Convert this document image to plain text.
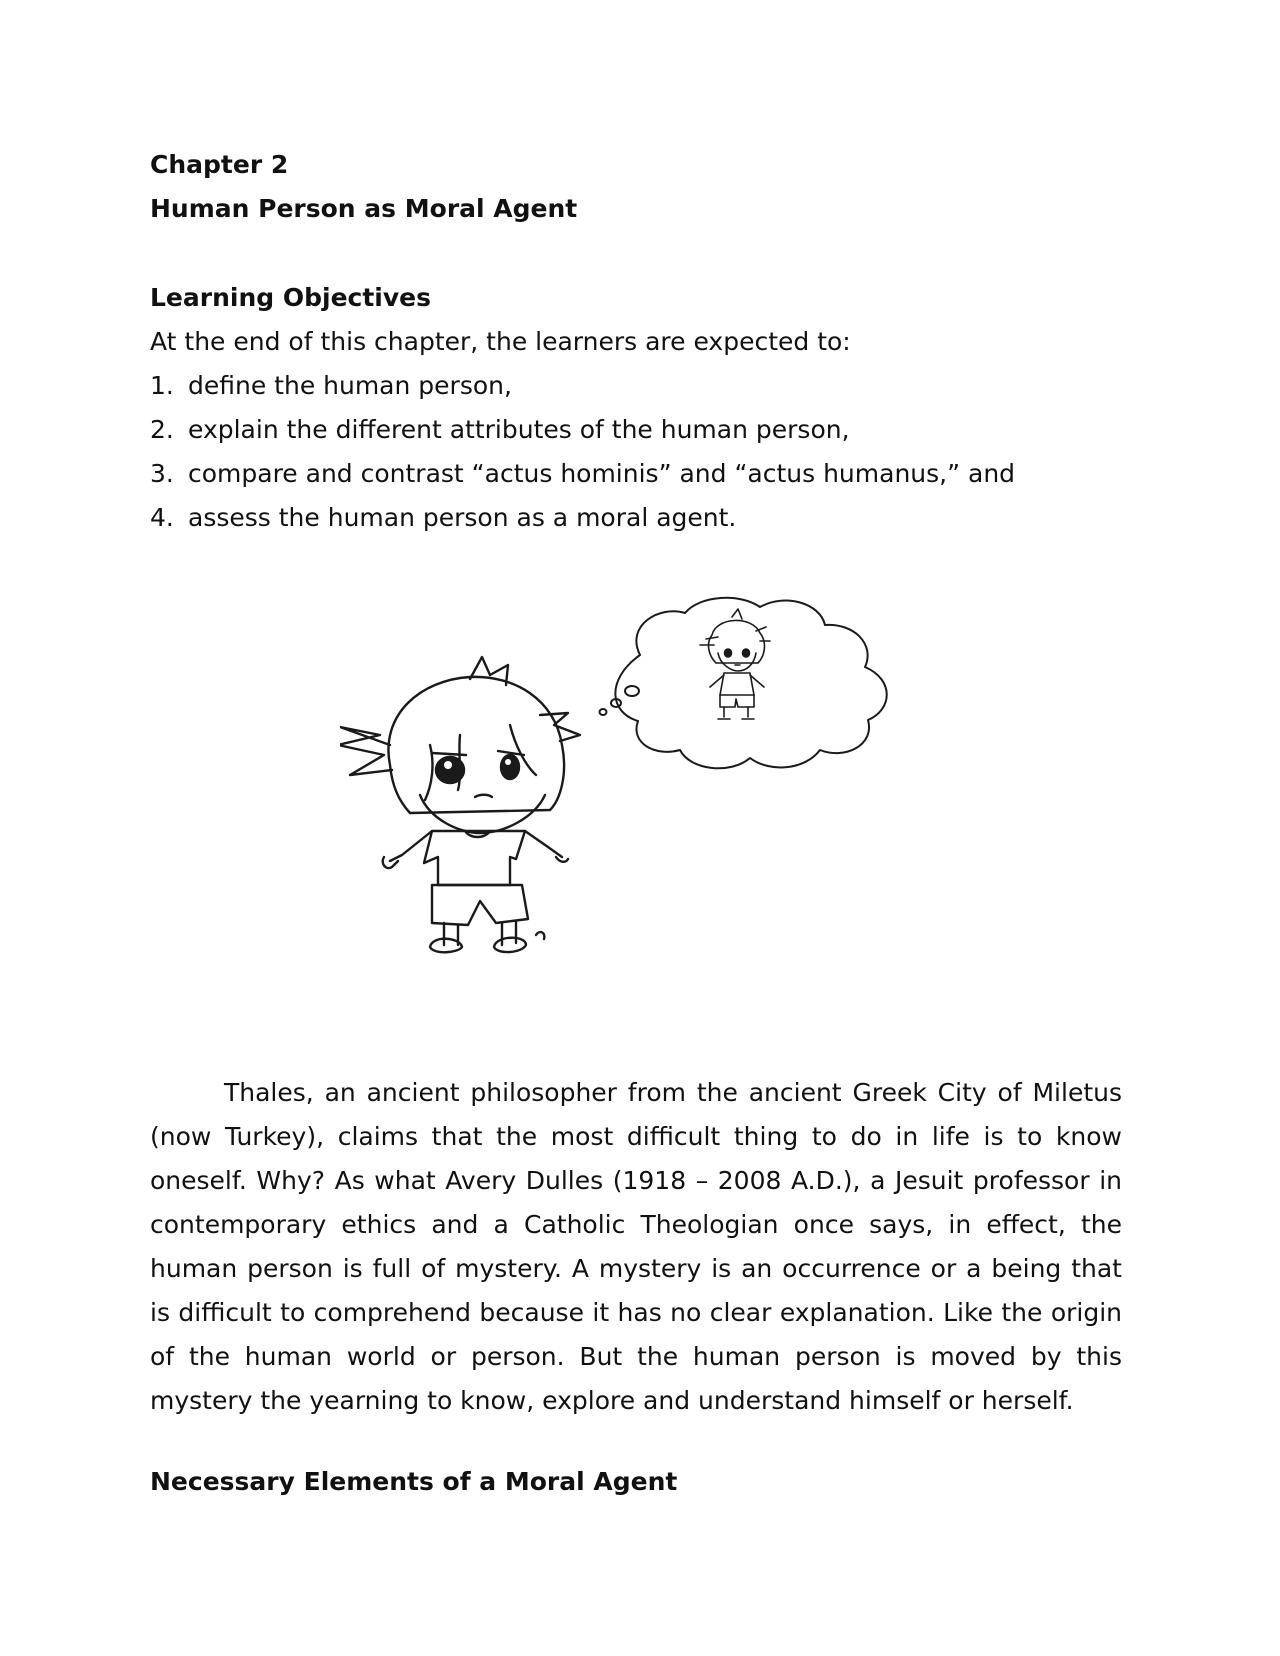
Chapter 2
Human Person as Moral Agent
Learning Objectives
At the end of this chapter, the learners are expected to:
1. define the human person,
2. explain the different attributes of the human person,
3. compare and contrast “actus hominis” and “actus humanus,” and
4. assess the human person as a moral agent.

Thales, an ancient philosopher from the ancient Greek City of Miletus (now Turkey), claims that the most difficult thing to do in life is to know oneself. Why? As what Avery Dulles (1918 – 2008 A.D.), a Jesuit professor in contemporary ethics and a Catholic Theologian once says, in effect, the human person is full of mystery. A mystery is an occurrence or a being that is difficult to comprehend because it has no clear explanation. Like the origin of the human world or person. But the human person is moved by this mystery the yearning to know, explore and understand himself or herself.

Necessary Elements of a Moral Agent
